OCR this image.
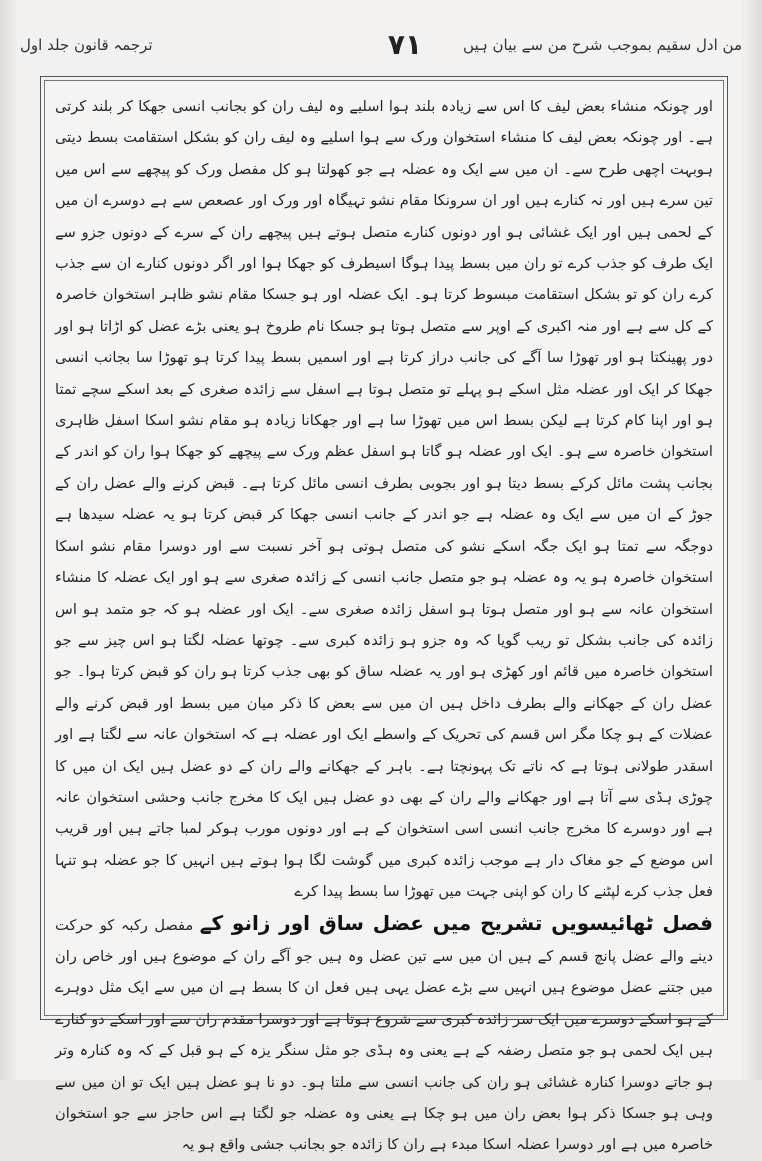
من ادل سقیم بموجب شرح من سے بیان ہیں
۷۱
ترجمہ قانون جلد اول

اور چونکہ منشاء بعض لیف کا اس سے زیادہ بلند ہوا اسلیے وہ لیف ران کو بجانب انسی جھکا کر بلند کرتی ہے۔ اور چونکہ بعض لیف کا منشاء استخوان ورک سے ہوا اسلیے وہ لیف ران کو بشکل استقامت بسط دیتی ہوبہت اچھی طرح سے۔ ان میں سے ایک وہ عضلہ ہے جو کھولتا ہو کل مفصل ورک کو پیچھے سے اس میں تین سرے ہیں اور نہ کنارے ہیں اور ان سرونکا مقام نشو تہیگاہ اور ورک اور عصعص سے ہے دوسرے ان میں کے لحمی ہیں اور ایک غشائی ہو اور دونوں کنارے متصل ہوتے ہیں پیچھے ران کے سرے کے دونوں جزو سے ایک طرف کو جذب کرے تو ران میں بسط پیدا ہوگا اسیطرف کو جھکا ہوا اور اگر دونوں کنارے ان سے جذب کرے ران کو تو بشکل استقامت مبسوط کرتا ہو۔ ایک عضلہ اور ہو جسکا مقام نشو ظاہر استخوان خاصرہ کے کل سے ہے اور منہ اکبری کے اوپر سے متصل ہوتا ہو جسکا نام طروخ ہو یعنی بڑے عضل کو اڑاتا ہو اور دور پھینکتا ہو اور تھوڑا سا آگے کی جانب دراز کرتا ہے اور اسمیں بسط پیدا کرتا ہو تھوڑا سا بجانب انسی جھکا کر ایک اور عضلہ مثل اسکے ہو پہلے تو متصل ہوتا ہے اسفل سے زائدہ صغری کے بعد اسکے سچے تمتا ہو اور اپنا کام کرتا ہے لیکن بسط اس میں تھوڑا سا ہے اور جھکانا زیادہ ہو مقام نشو اسکا اسفل ظاہری استخوان خاصرہ سے ہو۔ ایک اور عضلہ ہو گاتا ہو اسفل عظم ورک سے پیچھے کو جھکا ہوا ران کو اندر کے بجانب پشت مائل کرکے بسط دیتا ہو اور بجوبی بطرف انسی مائل کرتا ہے۔ قبض کرنے والے عضل ران کے جوڑ کے ان میں سے ایک وہ عضلہ ہے جو اندر کے جانب انسی جھکا کر قبض کرتا ہو یہ عضلہ سیدھا ہے دوجگہ سے تمتا ہو ایک جگہ اسکے نشو کی متصل ہوتی ہو آخر نسبت سے اور دوسرا مقام نشو اسکا استخوان خاصرہ ہو یہ وہ عضلہ ہو جو متصل جانب انسی کے زائدہ صغری سے ہو اور ایک عضلہ کا منشاء استخوان عانہ سے ہو اور متصل ہوتا ہو اسفل زائدہ صغری سے۔ ایک اور عضلہ ہو کہ جو متمد ہو اس زائدہ کی جانب بشکل تو ریب گویا کہ وہ جزو ہو زائدہ کبری سے۔ چوتھا عضلہ لگتا ہو اس چیز سے جو استخوان خاصرہ میں قائم اور کھڑی ہو اور یہ عضلہ ساق کو بھی جذب کرتا ہو ران کو قبض کرتا ہوا۔ جو عضل ران کے جھکانے والے بطرف داخل ہیں ان میں سے بعض کا ذکر میان میں بسط اور قبض کرنے والے عضلات کے ہو چکا مگر اس قسم کی تحریک کے واسطے ایک اور عضلہ ہے کہ استخوان عانہ سے لگتا ہے اور اسقدر طولانی ہوتا ہے کہ ناتے تک پہونچتا ہے۔ باہر کے جھکانے والے ران کے دو عضل ہیں ایک ان میں کا چوڑی ہڈی سے آتا ہے اور جھکانے والے ران کے بھی دو عضل ہیں ایک کا مخرج جانب وحشی استخوان عانہ ہے اور دوسرے کا مخرج جانب انسی اسی استخوان کے ہے اور دونوں مورب ہوکر لمبا جاتے ہیں اور قریب اس موضع کے جو مغاک دار ہے موجب زائدہ کبری میں گوشت لگا ہوا ہوتے ہیں انہیں کا جو عضلہ ہو تنہا فعل جذب کرے لپٹنے کا ران کو اپنی جہت میں تھوڑا سا بسط پیدا کرے

فصل ٹھائیسویں تشریح میں عضل ساق اور زانو کے مفصل رکبہ کو حرکت دینے والے عضل پانچ قسم کے ہیں ان میں سے تین عضل وہ ہیں جو آگے ران کے موضوع ہیں اور خاص ران میں جتنے عضل موضوع ہیں انہیں سے بڑے عضل یہی ہیں فعل ان کا بسط ہے ان میں سے ایک مثل دوہرے کے ہو اسکے دوسرے میں ایک سر زائدہ کبری سے شروع ہوتا ہے اور دوسرا مقدم ران سے اور اسکے دو کنارے ہیں ایک لحمی ہو جو متصل رضفہ کے ہے یعنی وہ ہڈی جو مثل سنگر یزہ کے ہو قبل کے کہ وہ کنارہ وتر ہو جاتے دوسرا کنارہ غشائی ہو ران کی جانب انسی سے ملتا ہو۔ دو نا ہو عضل ہیں ایک تو ان میں سے وہی ہو جسکا ذکر ہوا بعض ران میں ہو چکا ہے یعنی وہ عضلہ جو لگتا ہے اس حاجز سے جو استخوان خاصرہ میں ہے اور دوسرا عضلہ اسکا مبدء ہے ران کا زائدہ جو بجانب جشی واقع ہو یہ
